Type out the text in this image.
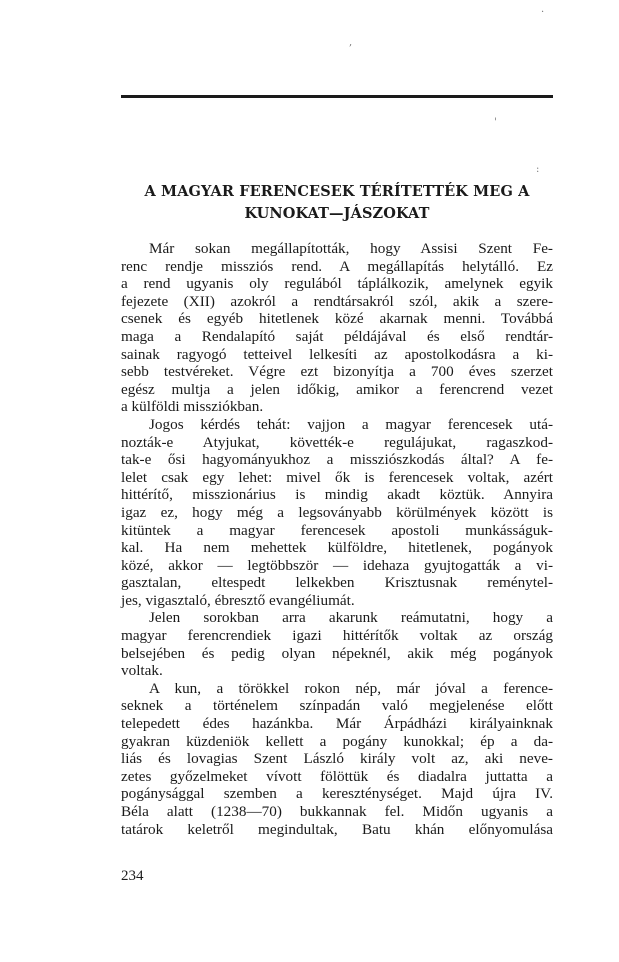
·
,
'
:
A MAGYAR FERENCESEK TÉRÍTETTÉK MEG A
KUNOKAT—JÁSZOKAT
Már sokan megállapították, hogy Assisi Szent Fe-
renc rendje missziós rend. A megállapítás helytálló. Ez
a rend ugyanis oly regulából táplálkozik, amelynek egyik
fejezete (XII) azokról a rendtársakról szól, akik a szere-
csenek és egyéb hitetlenek közé akarnak menni. Továbbá
maga a Rendalapító saját példájával és első rendtár-
sainak ragyogó tetteivel lelkesíti az apostolkodásra a ki-
sebb testvéreket. Végre ezt bizonyítja a 700 éves szerzet
egész multja a jelen időkig, amikor a ferencrend vezet
a külföldi missziókban.
Jogos kérdés tehát: vajjon a magyar ferencesek utá-
nozták-e Atyjukat, követték-e regulájukat, ragaszkod-
tak-e ősi hagyományukhoz a missziószkodás által? A fe-
lelet csak egy lehet: mivel ők is ferencesek voltak, azért
hittérítő, misszionárius is mindig akadt köztük. Annyira
igaz ez, hogy még a legsoványabb körülmények között is
kitüntek a magyar ferencesek apostoli munkásságuk-
kal. Ha nem mehettek külföldre, hitetlenek, pogányok
közé, akkor — legtöbbször — idehaza gyujtogatták a vi-
gasztalan, eltespedt lelkekben Krisztusnak reménytel-
jes, vigasztaló, ébresztő evangéliumát.
Jelen sorokban arra akarunk reámutatni, hogy a
magyar ferencrendiek igazi hittérítők voltak az ország
belsejében és pedig olyan népeknél, akik még pogányok
voltak.
A kun, a törökkel rokon nép, már jóval a ference-
seknek a történelem színpadán való megjelenése előtt
telepedett édes hazánkba. Már Árpádházi királyainknak
gyakran küzdeniök kellett a pogány kunokkal; ép a da-
liás és lovagias Szent László király volt az, aki neve-
zetes győzelmeket vívott fölöttük és diadalra juttatta a
pogánysággal szemben a kereszténységet. Majd újra IV.
Béla alatt (1238—70) bukkannak fel. Midőn ugyanis a
tatárok keletről megindultak, Batu khán előnyomulása
234
